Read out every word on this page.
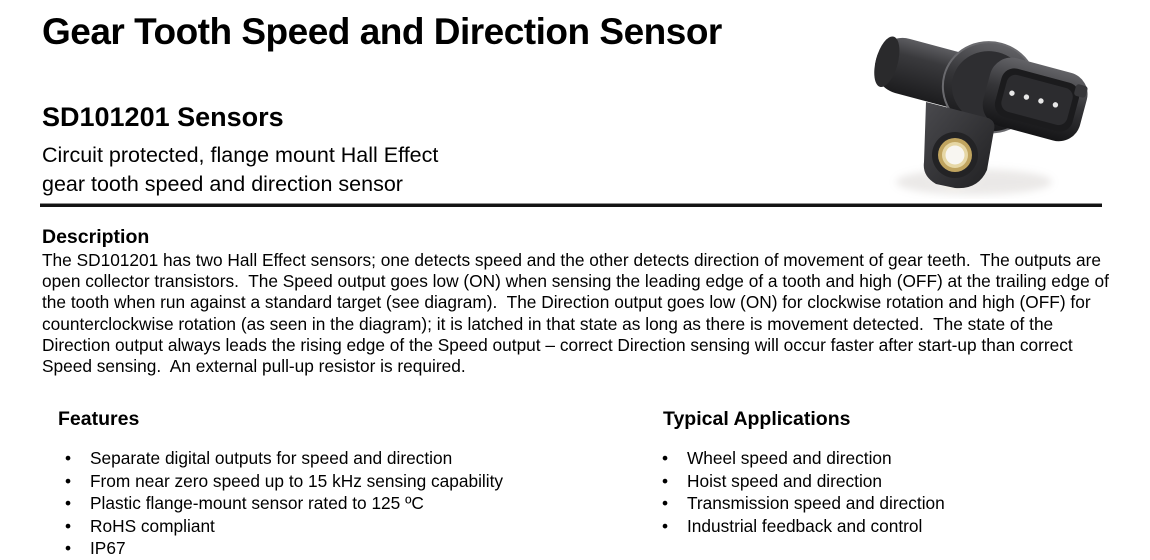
Gear Tooth Speed and Direction Sensor
SD101201 Sensors
Circuit protected, flange mount Hall Effect
gear tooth speed and direction sensor
Description

The SD101201 has two Hall Effect sensors; one detects speed and the other detects direction of movement of gear teeth.  The outputs are open collector transistors.  The Speed output goes low (ON) when sensing the leading edge of a tooth and high (OFF) at the trailing edge of the tooth when run against a standard target (see diagram).  The Direction output goes low (ON) for clockwise rotation and high (OFF) for counterclockwise rotation (as seen in the diagram); it is latched in that state as long as there is movement detected.  The state of the Direction output always leads the rising edge of the Speed output – correct Direction sensing will occur faster after start-up than correct Speed sensing.  An external pull-up resistor is required.

Features
•	Separate digital outputs for speed and direction
•	From near zero speed up to 15 kHz sensing capability
•	Plastic flange-mount sensor rated to 125 ºC
•	RoHS compliant
•	IP67
Typical Applications
•	Wheel speed and direction
•	Hoist speed and direction
•	Transmission speed and direction
•	Industrial feedback and control
